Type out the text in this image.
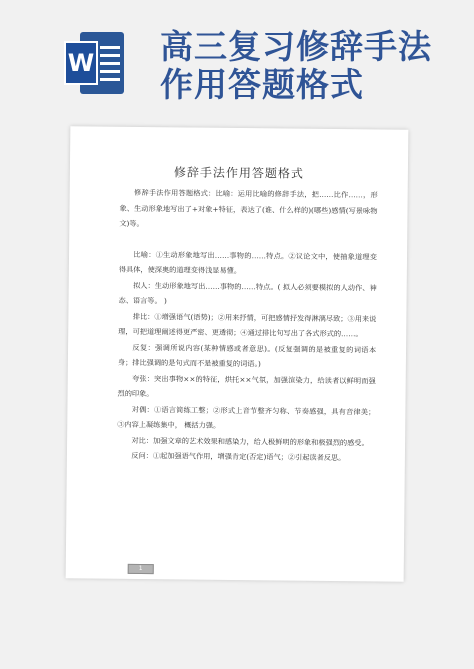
W 高三复习修辞手法
作用答题格式
修辞手法作用答题格式

修辞手法作用答题格式：比喻：运用比喻的修辞手法，把……比作……，形象、生动形象地写出了+对象+特征，表达了(谁、什么样的)(哪些)感情(写景咏物文)等。

比喻：①生动形象地写出……事物的……特点。②议论文中，使抽象道理变得具体，使深奥的道理变得浅显易懂。

拟人：生动形象地写出……事物的……特点。( 拟人必须要模拟的人动作、神态、语言等。 )

排比：①增强语气(语势)；②用来抒情，可把感情抒发得淋漓尽致；③用来说理，可把道理阐述得更严密、更透彻；④通过排比句写出了各式形式的……。

反复：强调所说内容(某种情感或者意思)。(反复强调的是被重复的词语本身；排比强调的是句式而不是被重复的词语。)

夸张：突出事物××的特征，烘托××气氛，加强渲染力，给读者以鲜明而强烈的印象。

对偶：①语言简练工整；②形式上音节整齐匀称、节奏感强，具有音律美；③内容上凝练集中， 概括力强。

对比：加强文章的艺术效果和感染力，给人极鲜明的形象和极强烈的感受。

反问：①起加强语气作用，增强肯定(否定)语气；②引起读者反思。

1
